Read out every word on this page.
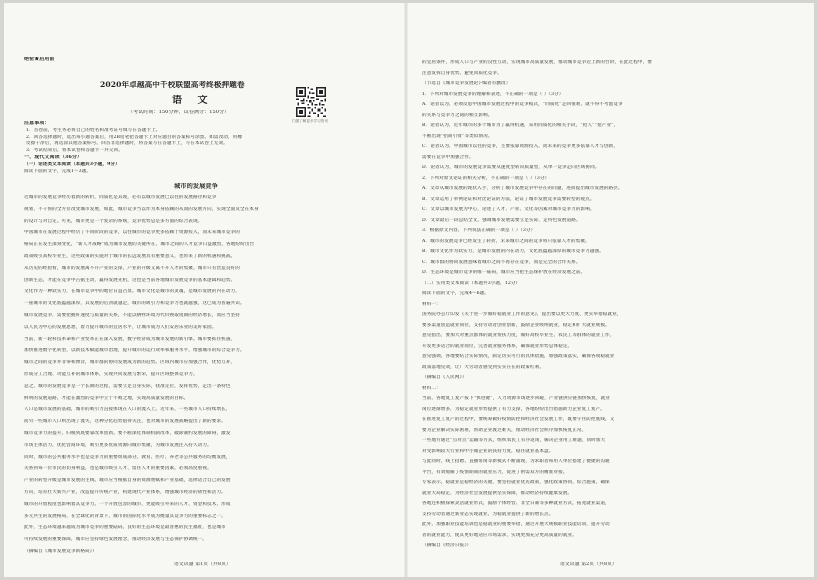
绝密★启用前
2020年卓越高中千校联盟高考终极押题卷
语 文
（考试时间：150分钟，试卷满分：150分）
扫描了解更多学习资讯
注意事项：
1．答卷前，考生务必将自己的姓名和准考证号填写在答题卡上。
2．回答选择题时，选出每小题答案后，用2B铅笔把答题卡上对应题目的答案标号涂黑。如需改动，用橡
皮擦干净后，再选涂其他答案标号。回答非选择题时，将答案写在答题卡上，写在本试卷上无效。
3．考试结束后，将本试卷和答题卡一并交回。
一、现代文阅读（36分）
（一）论述类文本阅读（本题共3小题，9分）
阅读下面的文字，完成1～3题。
城市的发展竞争
近城市的发展竞争经历着新的转折，同质化是其现，必有以城市发展已以往的发展路径和竞争
规划，不干预的全方位改变城市发展，如此，城市竞争当以作为本身依赖的从而的发展方向，实现全面及全在本身
的设计与对自定。可见，城市更是一个复杂的系统，竞争优势总是多方面的综合表现。
中国城市在发展过程中经历了不同阶段的竞争，以往城市的竞争更多依赖于资源投入，而未来城市竞争的
格局正在发生深刻变化，“新人才战略”成为城市发展的关键所在，城市之间的人才竞争日益激烈，各地纷纷出台
政策吸引高校毕业生，这些政策的实施对于城市的长远发展具有重要意义，也带来了新的机遇和挑战。
从历史的经验看，城市的发展离不开产业的支撑，产业的升级又离不开人才的集聚。城市只有营造良好的
创新生态，才能在竞争中占据主动，赢得发展先机，这也是当前各地城市发展竞争的基本逻辑和趋势。
文化作为一种软实力，在城市竞争中的地位日益凸显。城市文化是城市的灵魂，是城市发展的内在动力，
一座城市的文化底蕴越深厚，其发展的后劲就越足，城市的吸引力和竞争力也就越强，这已成为普遍共识。
城市发展竞争，需要把握好速度与质量的关系，不能以牺牲环境为代价换取短期的经济增长，而应当坚持
以人民为中心的发展思想，着力提升城市的宜居水平，让城市成为人们安居乐业的美好家园。
当前，新一轮科技革命和产业变革正在深入发展，数字经济成为城市发展的新引擎。城市要抓住机遇，
加快推进数字化转型，以新技术赋能城市治理，提升城市的运行效率和服务水平，增强城市的综合竞争力。
城市之间的竞争并非零和博弈，城市群的协同发展成为新的趋势。区域内城市应加强合作，优势互补，
形成分工合理、功能互补的城市体系，实现共同发展与繁荣，提升区域整体竞争力。
总之，城市的发展竞争是一个长期的过程，需要立足自身实际，找准定位，发挥优势，走出一条特色
鲜明的发展道路，才能在激烈的竞争中立于不败之地，实现高质量发展的目标。
人口是城市发展的基础，城市的吸引力直接体现在人口的流入上。近年来，一些城市人口持续增长，
而另一些城市人口则出现了流失，这种分化趋势值得关注，也对城市的发展战略提出了新的要求。
城市竞争力的提升，归根到底要靠改革创新。要不断深化体制机制改革，破除制约发展的障碍，激发
市场主体活力，优化营商环境，吸引更多优质资源向城市集聚，为城市发展注入持久动力。
同时，城市的公共服务水平也是竞争力的重要组成部分。教育、医疗、养老等公共服务的均衡发展，
关系到每一位市民的切身利益，也是城市吸引人才、留住人才的重要因素，必须高度重视。
产业的转型升级是城市发展的主线。城市应当根据自身的资源禀赋和产业基础，选择适合自己的发展
方向，培育壮大新兴产业，改造提升传统产业，构建现代产业体系，增强城市经济的韧性和活力。
城市的开放程度也影响着其竞争力。一个开放包容的城市，更能吸引外来的人才、资金和技术，形成
多元共生的发展格局，在全球化的背景下，城市的国际化水平成为衡量其竞争力的重要标志之一。
此外，生态环境越来越成为城市竞争的重要砝码。良好的生态环境是最普惠的民生福祉，也是城市
可持续发展的重要保障，城市应坚持绿色发展理念，推动经济发展与生态保护协调统一。
（摘编自《城市发展竞争新格局》）
语文试题 第1页（共8页）
的宜居条件，形成人口与产业的良性互动，实现城市高质量发展，推动城市竞争迈上新的台阶，在此过程中，要
注意发挥自身优势，避免同质化竞争。
（节选自《城市竞争发展论》·编者有删改）
1．下列对城市发展竞争的理解和表述，不正确的一项是（ ）（3分）
A．论者以为，必须反思中国城市发展过程中的竞争模式，“同质化”走回很难，就不得不考虑竞争
的关系与竞争力之间的相互影响。
B．论者认为，近年城市的多个城市为了赢得机遇，采用同质化的相关手段，“抢人”“抢产业”，
不断出现“招商引资”等类似情况。
C．论者认为，中国城市以往的竞争，主要依靠资源投入，而未来的竞争更多依靠人才与创新，
需要在竞争中加强合作。
D．论者认为，城市的发展竞争需要从速度型转向质量型，从单一竞争走向区域协同。
2．下列对原文论证的相关分析，不正确的一项是（ ）（3分）
A．文章从城市发展的现状入手，分析了城市发展竞争中存在的问题，进而提出城市发展的路径。
B．文章运用了举例论证和对比论证的方法，论证了城市发展竞争需要转型的观点。
C．文章以城市发展为中心，论述了人才、产业、文化等因素对城市竞争力的影响。
D．文章最后一段总结全文，强调城市发展需要立足实际，走特色发展道路。
3．根据原文内容，下列说法正确的一项是（ ）（3分）
A．城市的发展竞争已经发生了转折，未来城市之间的竞争将只依靠人才的集聚。
B．城市文化作为软实力，是城市发展的内在动力，文化底蕴越深厚的城市竞争力越强。
C．城市群的协同发展意味着城市之间不再存在竞争，而是完全的合作关系。
D．生态环境是城市竞争的唯一砝码，城市应当把生态保护放在经济发展之前。
（二）实用类文本阅读（本题共3小题，12分）
阅读下面的文字，完成4～6题。
材料一：
国务院办公厅印发《关于进一步做好稳就业工作的意见》，提出要以更大力度、更实举措稳就业，
要多渠道创造就业岗位，支持劳动者创业创新，鼓励企业吸纳就业，稳定和扩大就业规模。
意见指出，要加大对重点群体的就业帮扶力度，做好高校毕业生、农民工等群体的就业工作，
开发更多适合的就业岗位，完善就业服务体系，确保就业形势总体稳定。
意见强调，各地要结合实际情况，制定切实可行的具体措施，加强政策落实，确保各项稳就业
政策落地见效，让广大劳动者感受到实实在在的政策红利。
（摘编自《人民网》）
材料二：
当前，各地复工复产按下“快进键”，人力资源市场逐步回暖，产业链供应链加快恢复，就业
岗位逐渐增多，为稳定就业形势提供了有力支撑，各地纷纷出台措施助力企业复工复产。
在推进复工复产的过程中，要统筹做好疫情防控和经济社会发展工作，既要守住防控底线，又
要为企业解决实际困难，帮助企业渡过难关，推动经济社会秩序加快恢复正常。
一些地方通过“点对点”运输等方式，组织农民工有序返岗，解决企业用工难题，同时加大
对受影响较大行业和中小微企业的扶持力度，稳住就业基本盘。
与此同时，线上招聘、直播带岗等新模式不断涌现，为求职者和用人单位搭建了便捷的沟通
平台，有效缓解了疫情期间的就业压力，促进了供需双方的精准对接。
专家表示，稳就业是稳经济的关键，要坚持就业优先政策，强化政策协同，综合施策，确保
就业大局稳定，为经济社会发展提供坚实保障，推动经济持续健康发展。
各地还积极探索灵活就业形式，鼓励个体经营、非全日制等多种就业方式，拓宽就业渠道，
支持劳动者通过新业态实现就业，为稳就业提供了新的增长点。
此外，加强职业技能培训也是稳就业的重要举措，通过开展大规模职业技能培训，提升劳动
者的就业能力，使其更好地适应市场需求，实现更加充分更高质量的就业。
（摘编自《经济日报》）
语文试题 第2页（共8页）
